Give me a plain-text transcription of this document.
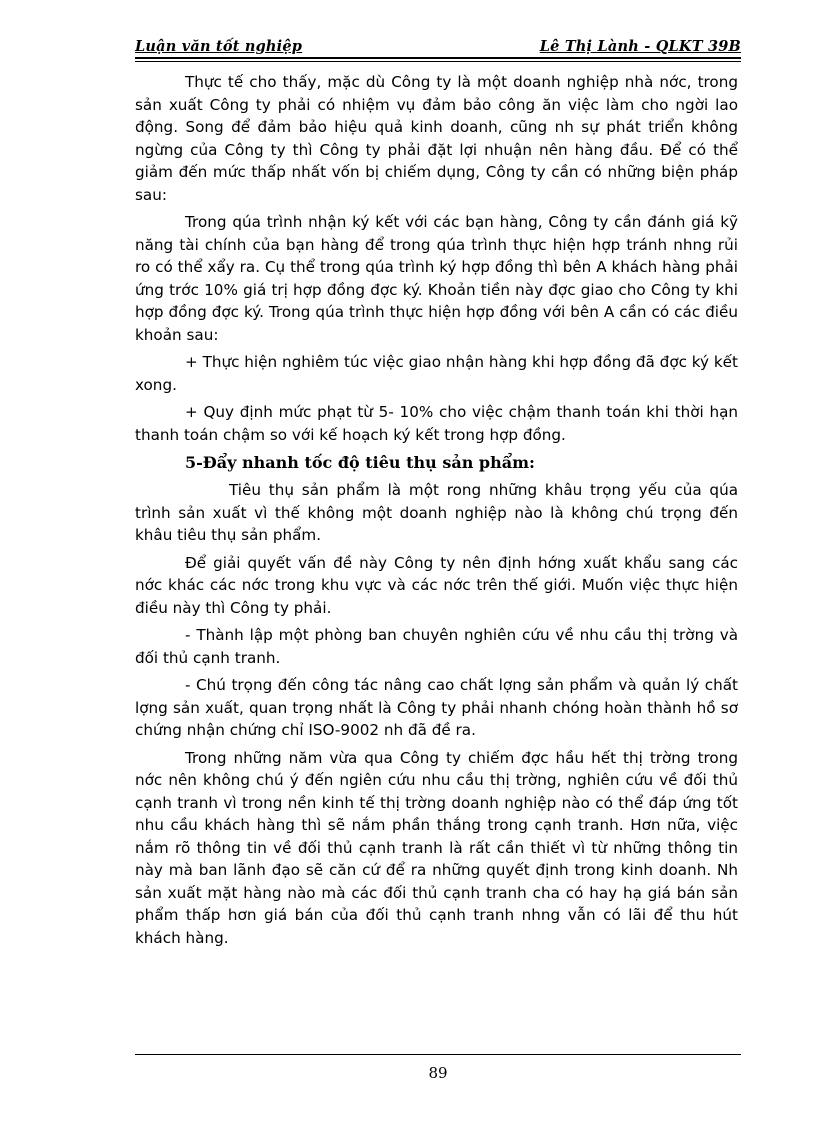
Luận văn tốt nghiệp	Lê Thị Lành - QLKT 39B

Thực tế cho thấy, mặc dù Công ty là một doanh nghiệp nhà nớc, trong sản xuất Công ty phải có nhiệm vụ đảm bảo công ăn việc làm cho ngời lao động. Song để đảm bảo hiệu quả kinh doanh, cũng nh sự phát triển không ngừng của Công ty thì Công ty phải đặt lợi nhuận nên hàng đầu. Để có thể giảm đến mức thấp nhất vốn bị chiếm dụng, Công ty cần có những biện pháp sau:

Trong qúa trình nhận ký kết với các bạn hàng, Công ty cần đánh giá kỹ năng tài chính của bạn hàng để trong qúa trình thực hiện hợp tránh nhng rủi ro có thể xẩy ra. Cụ thể trong qúa trình ký hợp đồng thì bên A khách hàng phải ứng trớc 10% giá trị hợp đồng đợc ký. Khoản tiền này đợc giao cho Công ty khi hợp đồng đợc ký. Trong qúa trình thực hiện hợp đồng với bên A cần có các điều khoản sau:

+ Thực hiện nghiêm túc việc giao nhận hàng khi hợp đồng đã đợc ký kết xong.

+ Quy định mức phạt từ 5- 10% cho việc chậm thanh toán khi thời hạn thanh toán chậm so với kế hoạch ký kết trong hợp đồng.

5-Đẩy nhanh tốc độ tiêu thụ sản phẩm:

Tiêu thụ sản phẩm là một rong những khâu trọng yếu của qúa trình sản xuất vì thế không một doanh nghiệp nào là không chú trọng đến khâu tiêu thụ sản phẩm.

Để giải quyết vấn đề này Công ty nên định hớng xuất khẩu sang các nớc khác các nớc trong khu vực và các nớc trên thế giới. Muốn việc thực hiện điều này thì Công ty phải.

- Thành lập một phòng ban chuyên nghiên cứu về nhu cầu thị trờng và đối thủ cạnh tranh.

- Chú trọng đến công tác nâng cao chất lợng sản phẩm và quản lý chất lợng sản xuất, quan trọng nhất là Công ty phải nhanh chóng hoàn thành hồ sơ chứng nhận chứng chỉ ISO-9002 nh đã đề ra.

Trong những năm vừa qua Công ty chiếm đợc hầu hết thị trờng trong nớc nên không chú ý đến ngiên cứu nhu cầu thị trờng, nghiên cứu về đối thủ cạnh tranh vì trong nền kinh tế thị trờng doanh nghiệp nào có thể đáp ứng tốt nhu cầu khách hàng thì sẽ nắm phần thắng trong cạnh tranh. Hơn nữa, việc nắm rõ thông tin về đối thủ cạnh tranh là rất cần thiết vì từ những thông tin này mà ban lãnh đạo sẽ căn cứ để ra những quyết định trong kinh doanh. Nh sản xuất mặt hàng nào mà các đối thủ cạnh tranh cha có hay hạ giá bán sản phẩm thấp hơn giá bán của đối thủ cạnh tranh nhng vẫn có lãi để thu hút khách hàng.

89
